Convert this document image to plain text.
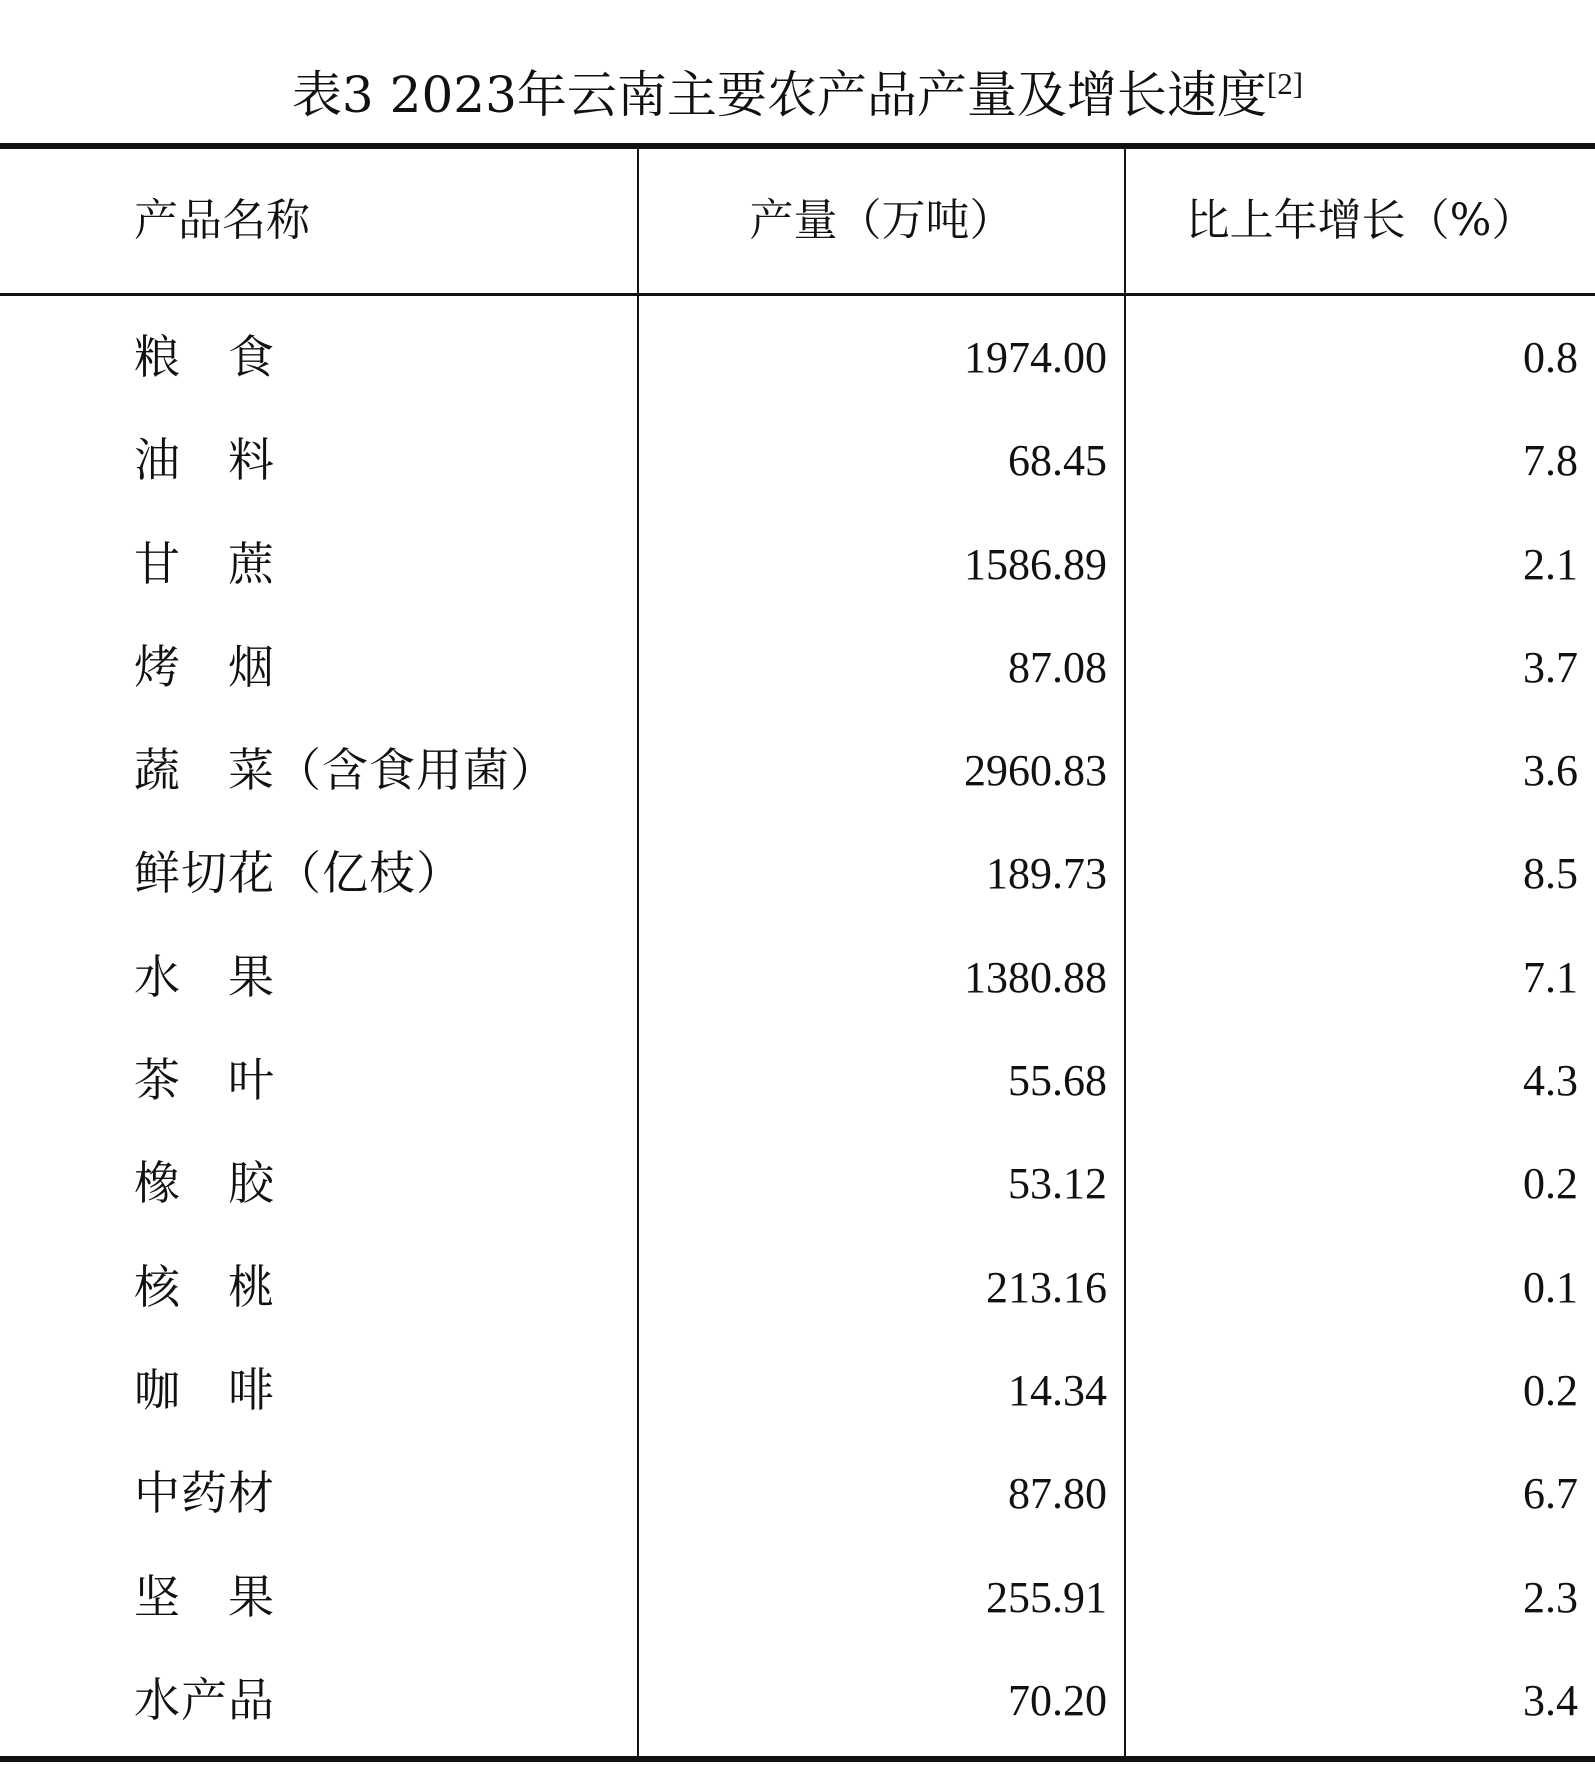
表3 2023年云南主要农产品产量及增长速度[2]
产品名称	产量（万吨）	比上年增长（%）
粮　食	1974.00	0.8
油　料	68.45	7.8
甘　蔗	1586.89	2.1
烤　烟	87.08	3.7
蔬　菜（含食用菌）	2960.83	3.6
鲜切花（亿枝）	189.73	8.5
水　果	1380.88	7.1
茶　叶	55.68	4.3
橡　胶	53.12	0.2
核　桃	213.16	0.1
咖　啡	14.34	0.2
中药材	87.80	6.7
坚　果	255.91	2.3
水产品	70.20	3.4
